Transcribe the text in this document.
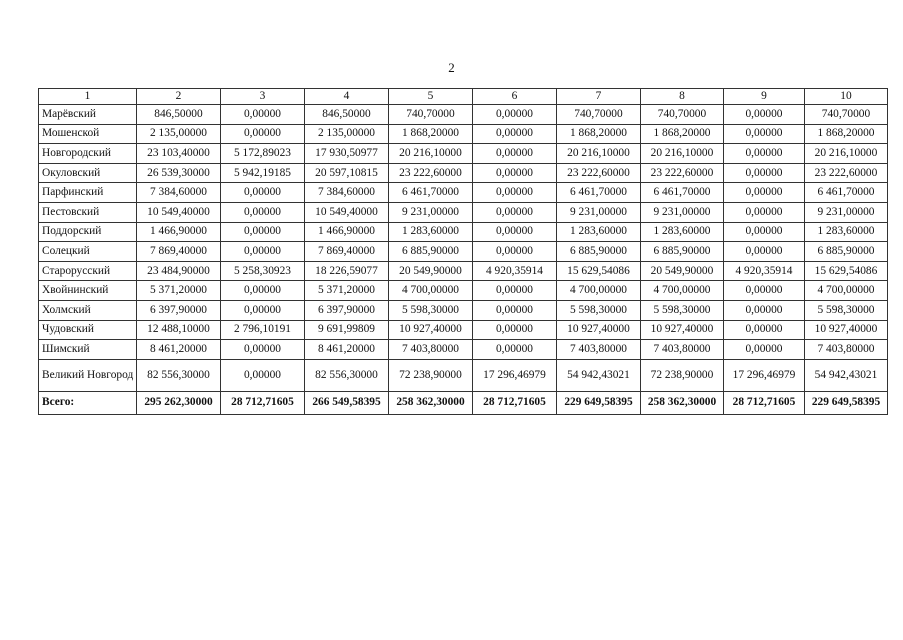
2
1	2	3	4	5	6	7	8	9	10
Марёвский	846,50000	0,00000	846,50000	740,70000	0,00000	740,70000	740,70000	0,00000	740,70000
Мошенской	2 135,00000	0,00000	2 135,00000	1 868,20000	0,00000	1 868,20000	1 868,20000	0,00000	1 868,20000
Новгородский	23 103,40000	5 172,89023	17 930,50977	20 216,10000	0,00000	20 216,10000	20 216,10000	0,00000	20 216,10000
Окуловский	26 539,30000	5 942,19185	20 597,10815	23 222,60000	0,00000	23 222,60000	23 222,60000	0,00000	23 222,60000
Парфинский	7 384,60000	0,00000	7 384,60000	6 461,70000	0,00000	6 461,70000	6 461,70000	0,00000	6 461,70000
Пестовский	10 549,40000	0,00000	10 549,40000	9 231,00000	0,00000	9 231,00000	9 231,00000	0,00000	9 231,00000
Поддорский	1 466,90000	0,00000	1 466,90000	1 283,60000	0,00000	1 283,60000	1 283,60000	0,00000	1 283,60000
Солецкий	7 869,40000	0,00000	7 869,40000	6 885,90000	0,00000	6 885,90000	6 885,90000	0,00000	6 885,90000
Старорусский	23 484,90000	5 258,30923	18 226,59077	20 549,90000	4 920,35914	15 629,54086	20 549,90000	4 920,35914	15 629,54086
Хвойнинский	5 371,20000	0,00000	5 371,20000	4 700,00000	0,00000	4 700,00000	4 700,00000	0,00000	4 700,00000
Холмский	6 397,90000	0,00000	6 397,90000	5 598,30000	0,00000	5 598,30000	5 598,30000	0,00000	5 598,30000
Чудовский	12 488,10000	2 796,10191	9 691,99809	10 927,40000	0,00000	10 927,40000	10 927,40000	0,00000	10 927,40000
Шимский	8 461,20000	0,00000	8 461,20000	7 403,80000	0,00000	7 403,80000	7 403,80000	0,00000	7 403,80000
Великий Новгород	82 556,30000	0,00000	82 556,30000	72 238,90000	17 296,46979	54 942,43021	72 238,90000	17 296,46979	54 942,43021
Всего:	295 262,30000	28 712,71605	266 549,58395	258 362,30000	28 712,71605	229 649,58395	258 362,30000	28 712,71605	229 649,58395
